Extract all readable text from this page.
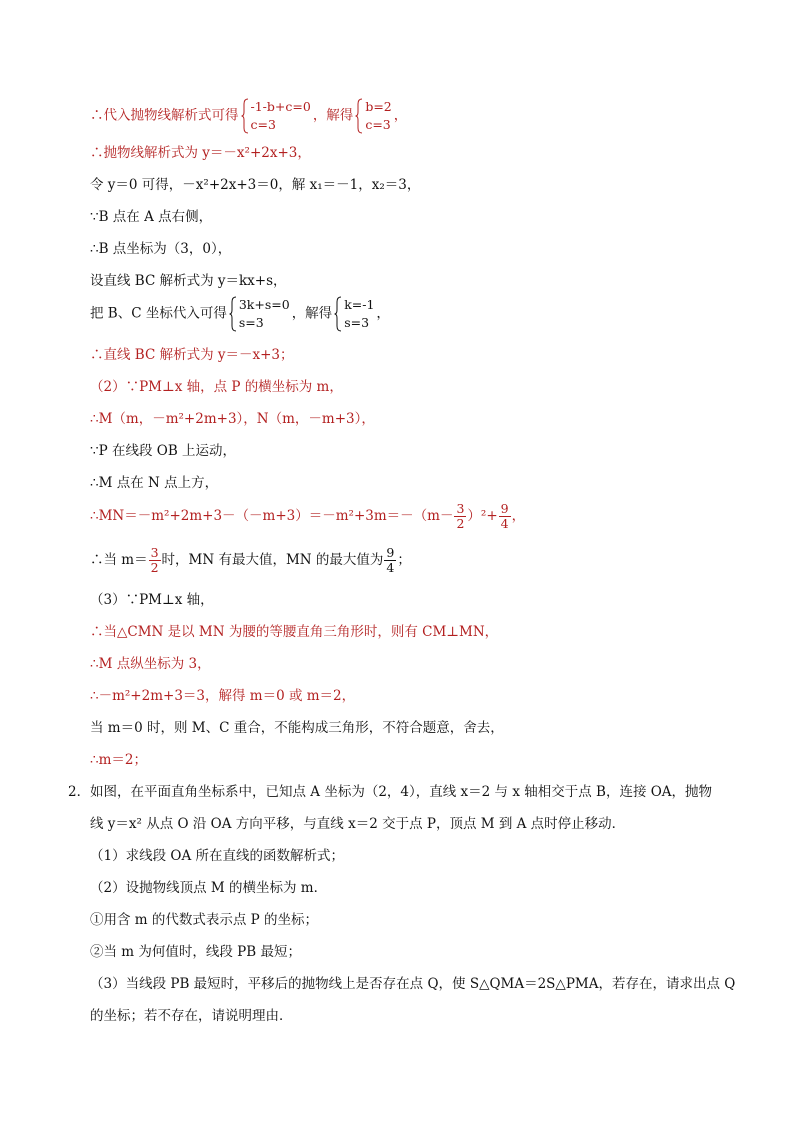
∴代入抛物线解析式可得
-1-b+c=0
c=3
，解得
b=2
c=3
，
∴抛物线解析式为 y＝－x²+2x+3，
令 y＝0 可得，－x²+2x+3＝0，解 x₁＝－1，x₂＝3，
∵B 点在 A 点右侧，
∴B 点坐标为（3，0），
设直线 BC 解析式为 y＝kx+s，
把 B、C 坐标代入可得
3k+s=0
s=3
，解得
k=-1
s=3
，
∴直线 BC 解析式为 y＝－x+3；
（2）∵PM⊥x 轴，点 P 的横坐标为 m，
∴M（m，－m²+2m+3），N（m，－m+3），
∵P 在线段 OB 上运动，
∴M 点在 N 点上方，
∴MN＝－m²+2m+3－（－m+3）＝－m²+3m＝－（m－ $\frac{3}{2} )^2+ \frac{9}{4}$ ，
∴当 $m= \frac{3}{2}$ 时，MN 有最大值，MN 的最大值为 $\frac{9}{4}$ ；
（3）∵PM⊥x 轴，
∴当△CMN 是以 MN 为腰的等腰直角三角形时，则有 CM⊥MN，
∴M 点纵坐标为 3，
∴－m²+2m+3＝3，解得 m＝0 或 m＝2，
当 m＝0 时，则 M、C 重合，不能构成三角形，不符合题意，舍去，
∴m＝2；
2． 如图，在平面直角坐标系中，已知点 A 坐标为（2，4），直线 x＝2 与 x 轴相交于点 B，连接 OA，抛物
线 y＝x² 从点 O 沿 OA 方向平移，与直线 x＝2 交于点 P，顶点 M 到 A 点时停止移动．
（1）求线段 OA 所在直线的函数解析式；
（2）设抛物线顶点 M 的横坐标为 m．
①用含 m 的代数式表示点 P 的坐标；
②当 m 为何值时，线段 PB 最短；
（3）当线段 PB 最短时，平移后的抛物线上是否存在点 Q，使 S△QMA＝2S△PMA，若存在，请求出点 Q
的坐标；若不存在，请说明理由．
